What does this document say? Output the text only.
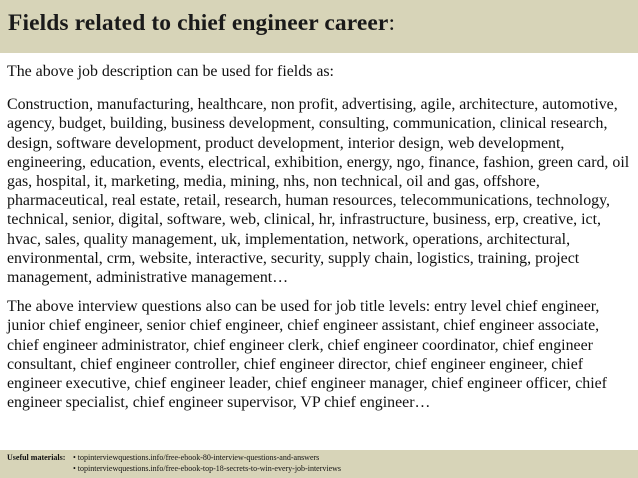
Fields related to chief engineer career:

The above job description can be used for fields as:

Construction, manufacturing, healthcare, non profit, advertising, agile, architecture, automotive, agency, budget, building, business development, consulting, communication, clinical research, design, software development, product development, interior design, web development, engineering, education, events, electrical, exhibition, energy, ngo, finance, fashion, green card, oil gas, hospital, it, marketing, media, mining, nhs, non technical, oil and gas, offshore, pharmaceutical, real estate, retail, research, human resources, telecommunications, technology, technical, senior, digital, software, web, clinical, hr, infrastructure, business, erp, creative, ict, hvac, sales, quality management, uk, implementation, network, operations, architectural, environmental, crm, website, interactive, security, supply chain, logistics, training, project management, administrative management…

The above interview questions also can be used for job title levels: entry level chief engineer, junior chief engineer, senior chief engineer, chief engineer assistant, chief engineer associate, chief engineer administrator, chief engineer clerk, chief engineer coordinator, chief engineer consultant, chief engineer controller, chief engineer director, chief engineer engineer, chief engineer executive, chief engineer leader, chief engineer manager, chief engineer officer, chief engineer specialist, chief engineer supervisor, VP chief engineer…

Useful materials: • topinterviewquestions.info/free-ebook-80-interview-questions-and-answers
• topinterviewquestions.info/free-ebook-top-18-secrets-to-win-every-job-interviews
